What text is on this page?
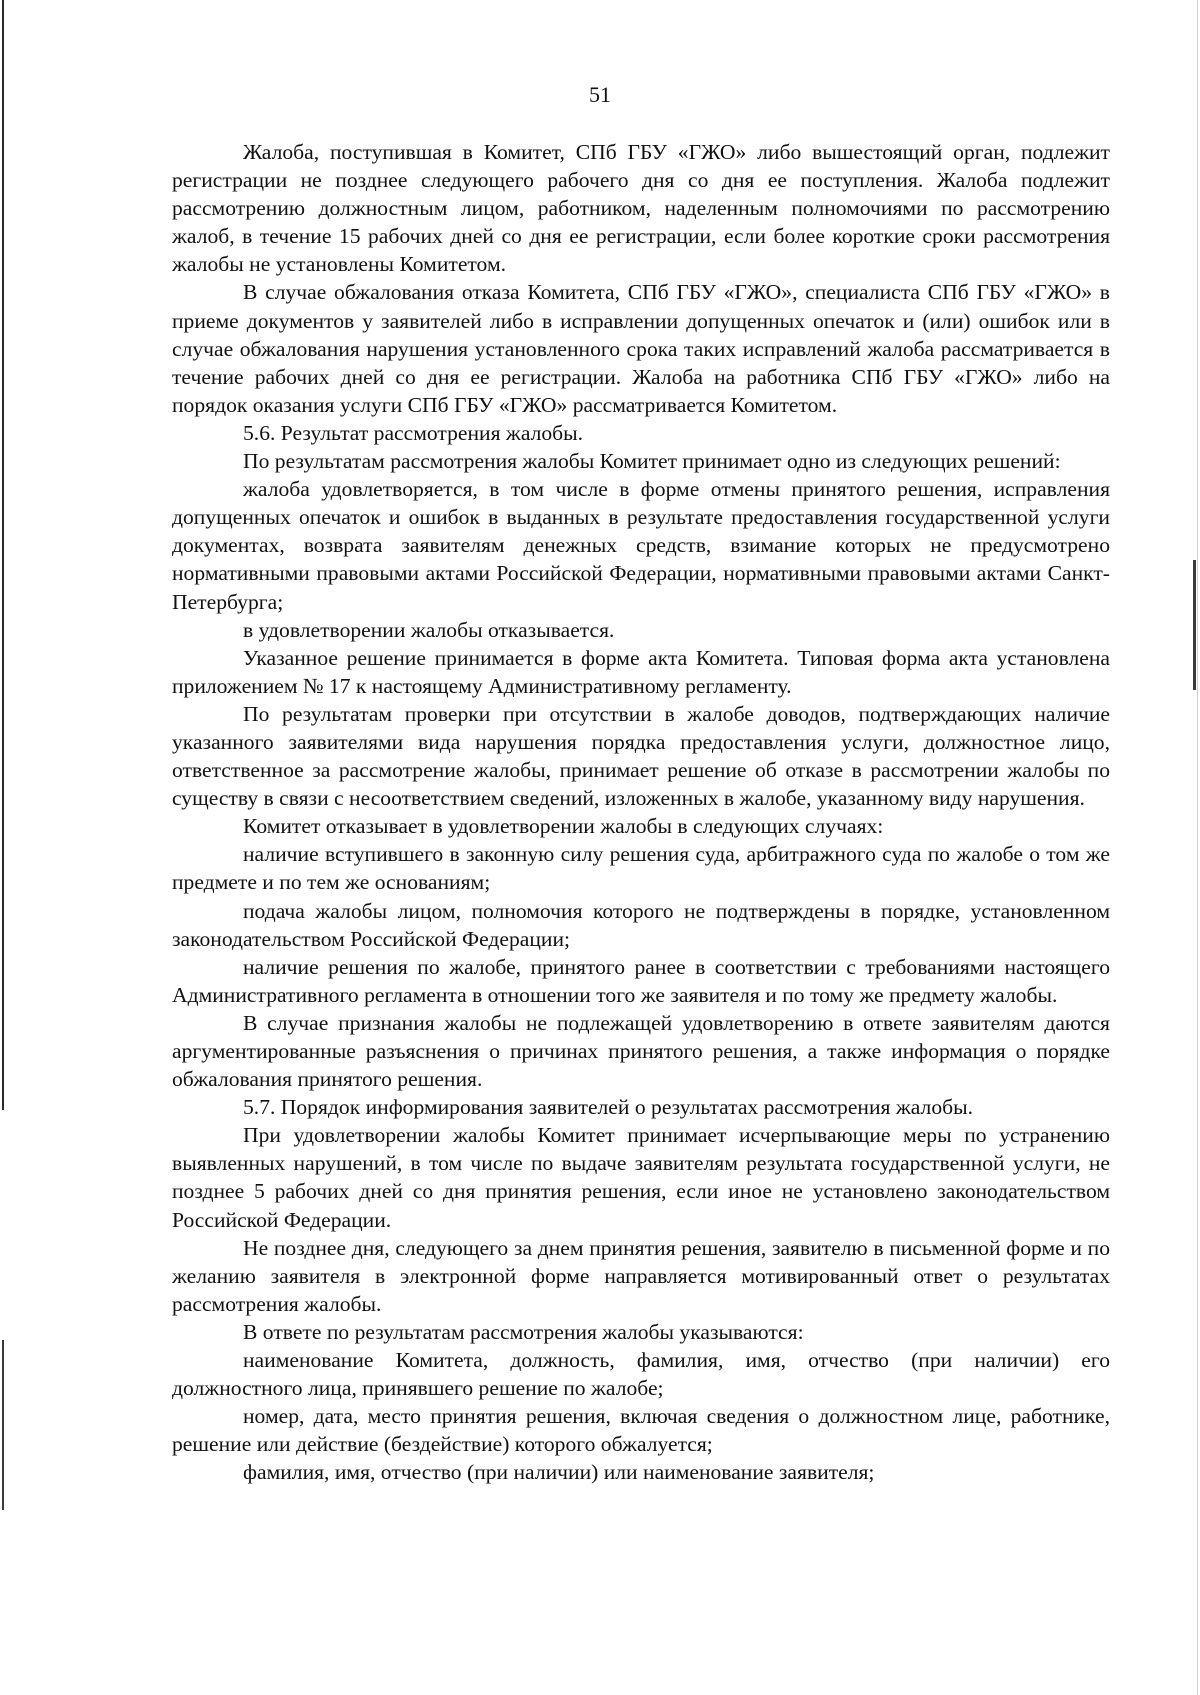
51

Жалоба, поступившая в Комитет, СПб ГБУ «ГЖО» либо вышестоящий орган, подлежит регистрации не позднее следующего рабочего дня со дня ее поступления. Жалоба подлежит рассмотрению должностным лицом, работником, наделенным полномочиями по рассмотрению жалоб, в течение 15 рабочих дней со дня ее регистрации, если более короткие сроки рассмотрения жалобы не установлены Комитетом.

В случае обжалования отказа Комитета, СПб ГБУ «ГЖО», специалиста СПб ГБУ «ГЖО» в приеме документов у заявителей либо в исправлении допущенных опечаток и (или) ошибок или в случае обжалования нарушения установленного срока таких исправлений жалоба рассматривается в течение рабочих дней со дня ее регистрации. Жалоба на работника СПб ГБУ «ГЖО» либо на порядок оказания услуги СПб ГБУ «ГЖО» рассматривается Комитетом.

5.6. Результат рассмотрения жалобы.

По результатам рассмотрения жалобы Комитет принимает одно из следующих решений:

жалоба удовлетворяется, в том числе в форме отмены принятого решения, исправления допущенных опечаток и ошибок в выданных в результате предоставления государственной услуги документах, возврата заявителям денежных средств, взимание которых не предусмотрено нормативными правовыми актами Российской Федерации, нормативными правовыми актами Санкт-Петербурга;

в удовлетворении жалобы отказывается.

Указанное решение принимается в форме акта Комитета. Типовая форма акта установлена приложением № 17 к настоящему Административному регламенту.

По результатам проверки при отсутствии в жалобе доводов, подтверждающих наличие указанного заявителями вида нарушения порядка предоставления услуги, должностное лицо, ответственное за рассмотрение жалобы, принимает решение об отказе в рассмотрении жалобы по существу в связи с несоответствием сведений, изложенных в жалобе, указанному виду нарушения.

Комитет отказывает в удовлетворении жалобы в следующих случаях:

наличие вступившего в законную силу решения суда, арбитражного суда по жалобе о том же предмете и по тем же основаниям;

подача жалобы лицом, полномочия которого не подтверждены в порядке, установленном законодательством Российской Федерации;

наличие решения по жалобе, принятого ранее в соответствии с требованиями настоящего Административного регламента в отношении того же заявителя и по тому же предмету жалобы.

В случае признания жалобы не подлежащей удовлетворению в ответе заявителям даются аргументированные разъяснения о причинах принятого решения, а также информация о порядке обжалования принятого решения.

5.7. Порядок информирования заявителей о результатах рассмотрения жалобы.

При удовлетворении жалобы Комитет принимает исчерпывающие меры по устранению выявленных нарушений, в том числе по выдаче заявителям результата государственной услуги, не позднее 5 рабочих дней со дня принятия решения, если иное не установлено законодательством Российской Федерации.

Не позднее дня, следующего за днем принятия решения, заявителю в письменной форме и по желанию заявителя в электронной форме направляется мотивированный ответ о результатах рассмотрения жалобы.

В ответе по результатам рассмотрения жалобы указываются:

наименование Комитета, должность, фамилия, имя, отчество (при наличии) его должностного лица, принявшего решение по жалобе;

номер, дата, место принятия решения, включая сведения о должностном лице, работнике, решение или действие (бездействие) которого обжалуется;

фамилия, имя, отчество (при наличии) или наименование заявителя;
